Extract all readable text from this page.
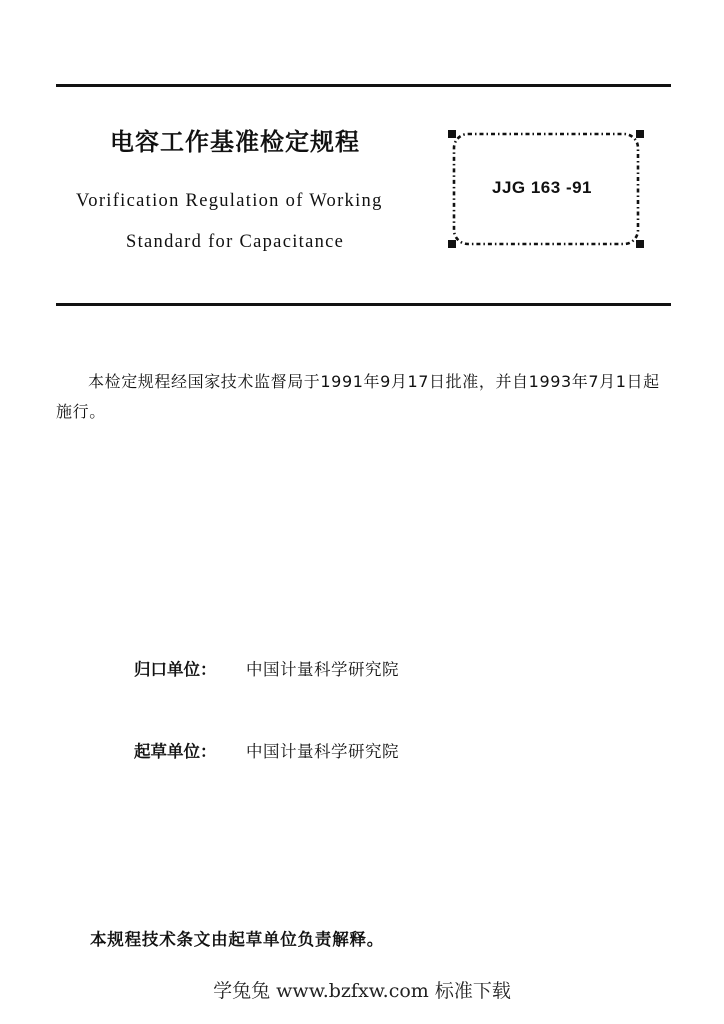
电容工作基准检定规程
Vorification Regulation of Working
Standard for Capacitance
JJG 163 -91
本检定规程经国家技术监督局于1991年9月17日批准，并自1993年7月1日起施行。
归口单位： 中国计量科学研究院
起草单位： 中国计量科学研究院
本规程技术条文由起草单位负责解释。
学兔兔 www.bzfxw.com 标准下载
